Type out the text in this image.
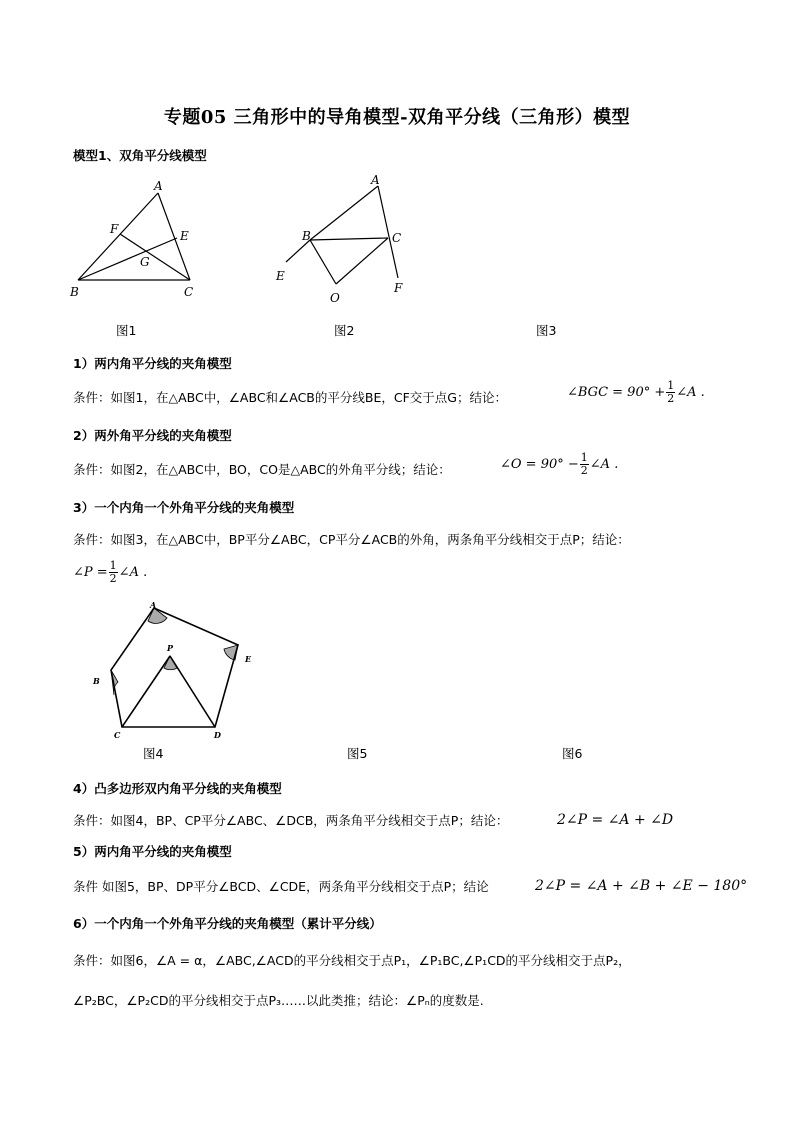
专题05 三角形中的导角模型-双角平分线（三角形）模型
模型1、双角平分线模型
A
B	C
E
F
G
A
B	C
E
F
O
图1	图2	图3
1）两内角平分线的夹角模型
条件：如图1，在△ABC中，∠ABC和∠ACB的平分线BE，CF交于点G；结论：	∠BGC = $90^\circ + \frac{1}{2}$ ∠A .
2）两外角平分线的夹角模型
条件：如图2，在△ABC中，BO，CO是△ABC的外角平分线；结论：	∠O = $90^\circ - \frac{1}{2}$ ∠A .
3）一个内角一个外角平分线的夹角模型
条件：如图3，在△ABC中，BP平分∠ABC，CP平分∠ACB的外角，两条角平分线相交于点P；结论：
∠P = $\frac{1}{2}$ ∠A .
A
B
C	D
E
P
图4	图5	图6
4）凸多边形双内角平分线的夹角模型
条件：如图4，BP、CP平分∠ABC、∠DCB，两条角平分线相交于点P；结论：	2∠P = ∠A + ∠D
5）两内角平分线的夹角模型
条件 如图5，BP、DP平分∠BCD、∠CDE，两条角平分线相交于点P；结论	2∠P = ∠A + ∠B + ∠E − 180°
6）一个内角一个外角平分线的夹角模型（累计平分线）
条件：如图6，∠A = α，∠ABC,∠ACD的平分线相交于点P₁，∠P₁BC,∠P₁CD的平分线相交于点P₂，
∠P₂BC，∠P₂CD的平分线相交于点P₃……以此类推；结论：∠Pₙ的度数是.
